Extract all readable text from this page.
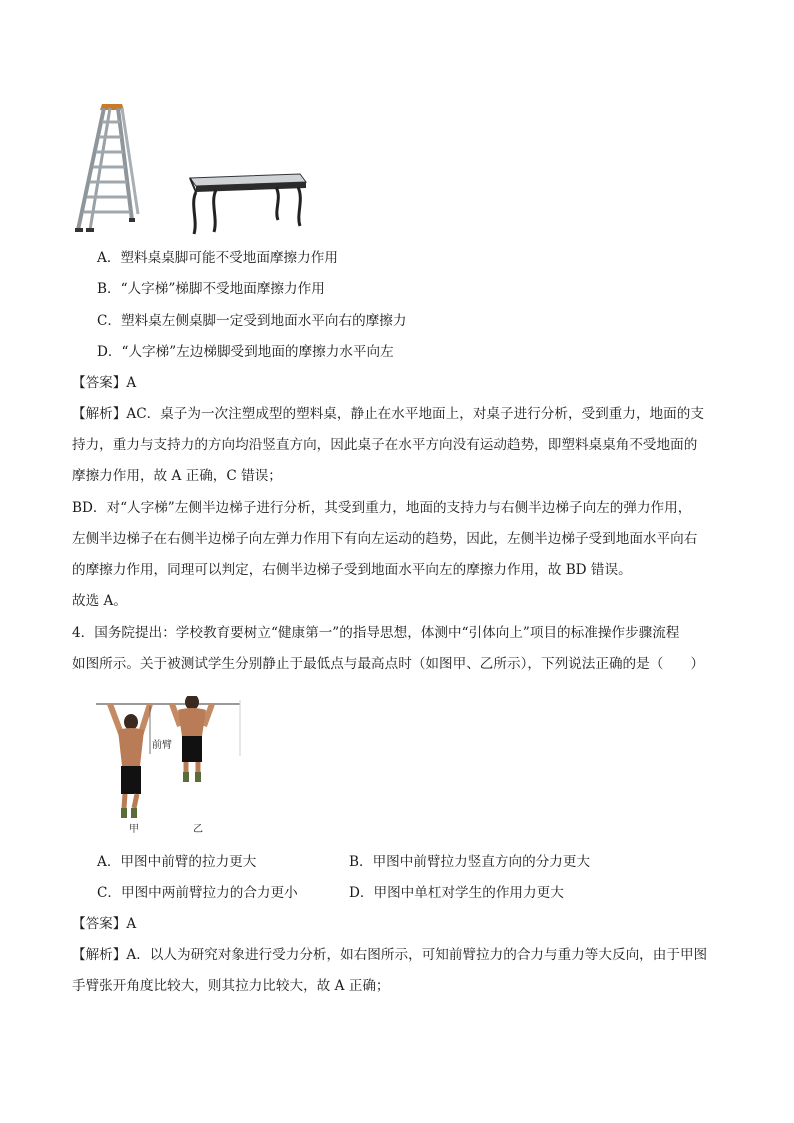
A．塑料桌桌脚可能不受地面摩擦力作用
B．“人字梯”梯脚不受地面摩擦力作用
C．塑料桌左侧桌脚一定受到地面水平向右的摩擦力
D．“人字梯”左边梯脚受到地面的摩擦力水平向左
【答案】A
【解析】AC．桌子为一次注塑成型的塑料桌，静止在水平地面上，对桌子进行分析，受到重力，地面的支
持力，重力与支持力的方向均沿竖直方向，因此桌子在水平方向没有运动趋势，即塑料桌桌角不受地面的
摩擦力作用，故 A 正确，C 错误；
BD．对“人字梯”左侧半边梯子进行分析，其受到重力，地面的支持力与右侧半边梯子向左的弹力作用，
左侧半边梯子在右侧半边梯子向左弹力作用下有向左运动的趋势，因此，左侧半边梯子受到地面水平向右
的摩擦力作用，同理可以判定，右侧半边梯子受到地面水平向左的摩擦力作用，故 BD 错误。
故选 A。
4．国务院提出：学校教育要树立“健康第一”的指导思想，体测中“引体向上”项目的标准操作步骤流程
如图所示。关于被测试学生分别静止于最低点与最高点时（如图甲、乙所示），下列说法正确的是（　　）
前臂
甲	乙
A．甲图中前臂的拉力更大	B．甲图中前臂拉力竖直方向的分力更大
C．甲图中两前臂拉力的合力更小	D．甲图中单杠对学生的作用力更大
【答案】A
【解析】A．以人为研究对象进行受力分析，如右图所示，可知前臂拉力的合力与重力等大反向，由于甲图
手臂张开角度比较大，则其拉力比较大，故 A 正确；
